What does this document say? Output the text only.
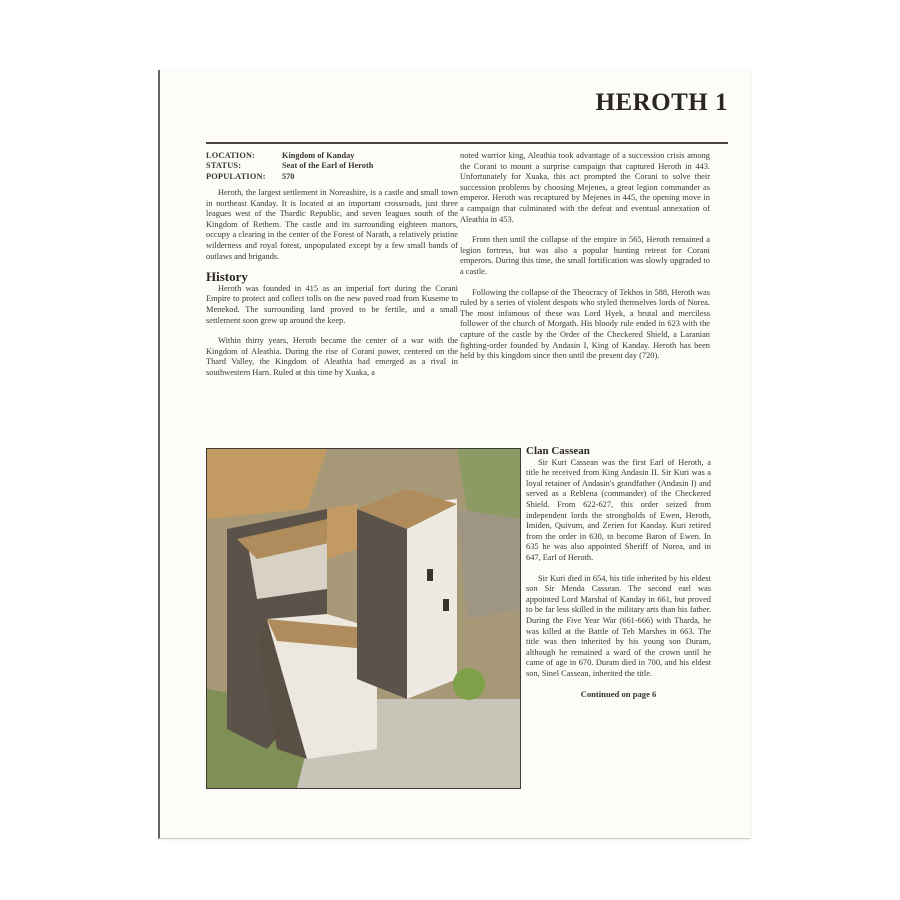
HEROTH 1
LOCATION:	Kingdom of Kanday
STATUS:	Seat of the Earl of Heroth
POPULATION:	570

Heroth, the largest settlement in Noreashire, is a castle and small town in northeast Kanday. It is located at an important crossroads, just three leagues west of the Thardic Republic, and seven leagues south of the Kingdom of Rethem. The castle and its surrounding eighteen manors, occupy a clearing in the center of the Forest of Narath, a relatively pristine wilderness and royal forest, unpopulated except by a few small bands of outlaws and brigands.

History

Heroth was founded in 415 as an imperial fort during the Corani Empire to protect and collect tolls on the new paved road from Kuseme to Menekod. The surrounding land proved to be fertile, and a small settlement soon grew up around the keep.

Within thirty years, Heroth became the center of a war with the Kingdom of Aleathia. During the rise of Corani power, centered on the Thard Valley, the Kingdom of Aleathia had emerged as a rival in southwestern Harn. Ruled at this time by Xuaka, a

noted warrior king, Aleathia took advantage of a succession crisis among the Corani to mount a surprise campaign that captured Heroth in 443. Unfortunately for Xuaka, this act prompted the Corani to solve their succession problems by choosing Mejenes, a great legion commander as emperor. Heroth was recaptured by Mejenes in 445, the opening move in a campaign that culminated with the defeat and eventual annexation of Aleathia in 453.

From then until the collapse of the empire in 565, Heroth remained a legion fortress, but was also a popular hunting retreat for Corani emperors. During this time, the small fortification was slowly upgraded to a castle.

Following the collapse of the Theocracy of Tekhos in 588, Heroth was ruled by a series of violent despots who styled themselves lords of Norea. The most infamous of these was Lord Hyek, a brutal and merciless follower of the church of Morgath. His bloody rule ended in 623 with the capture of the castle by the Order of the Checkered Shield, a Laranian fighting-order founded by Andasin I, King of Kanday. Heroth has been held by this kingdom since then until the present day (720).

Clan Cassean

Sir Kuri Cassean was the first Earl of Heroth, a title he received from King Andasin II. Sir Kuri was a loyal retainer of Andasin's grandfather (Andasin I) and served as a Reblena (commander) of the Checkered Shield. From 622-627, this order seized from independent lords the strongholds of Ewen, Heroth, Imiden, Quivum, and Zerien for Kanday. Kuri retired from the order in 630, to become Baron of Ewen. In 635 he was also appointed Sheriff of Norea, and in 647, Earl of Heroth.

Sir Kuri died in 654, his title inherited by his eldest son Sir Menda Cassean. The second earl was appointed Lord Marshal of Kanday in 661, but proved to be far less skilled in the military arts than his father. During the Five Year War (661-666) with Tharda, he was killed at the Battle of Teb Marshes in 663. The title was then inherited by his young son Duram, although he remained a ward of the crown until he came of age in 670. Duram died in 700, and his eldest son, Sinel Cassean, inherited the title.

Continued on page 6
